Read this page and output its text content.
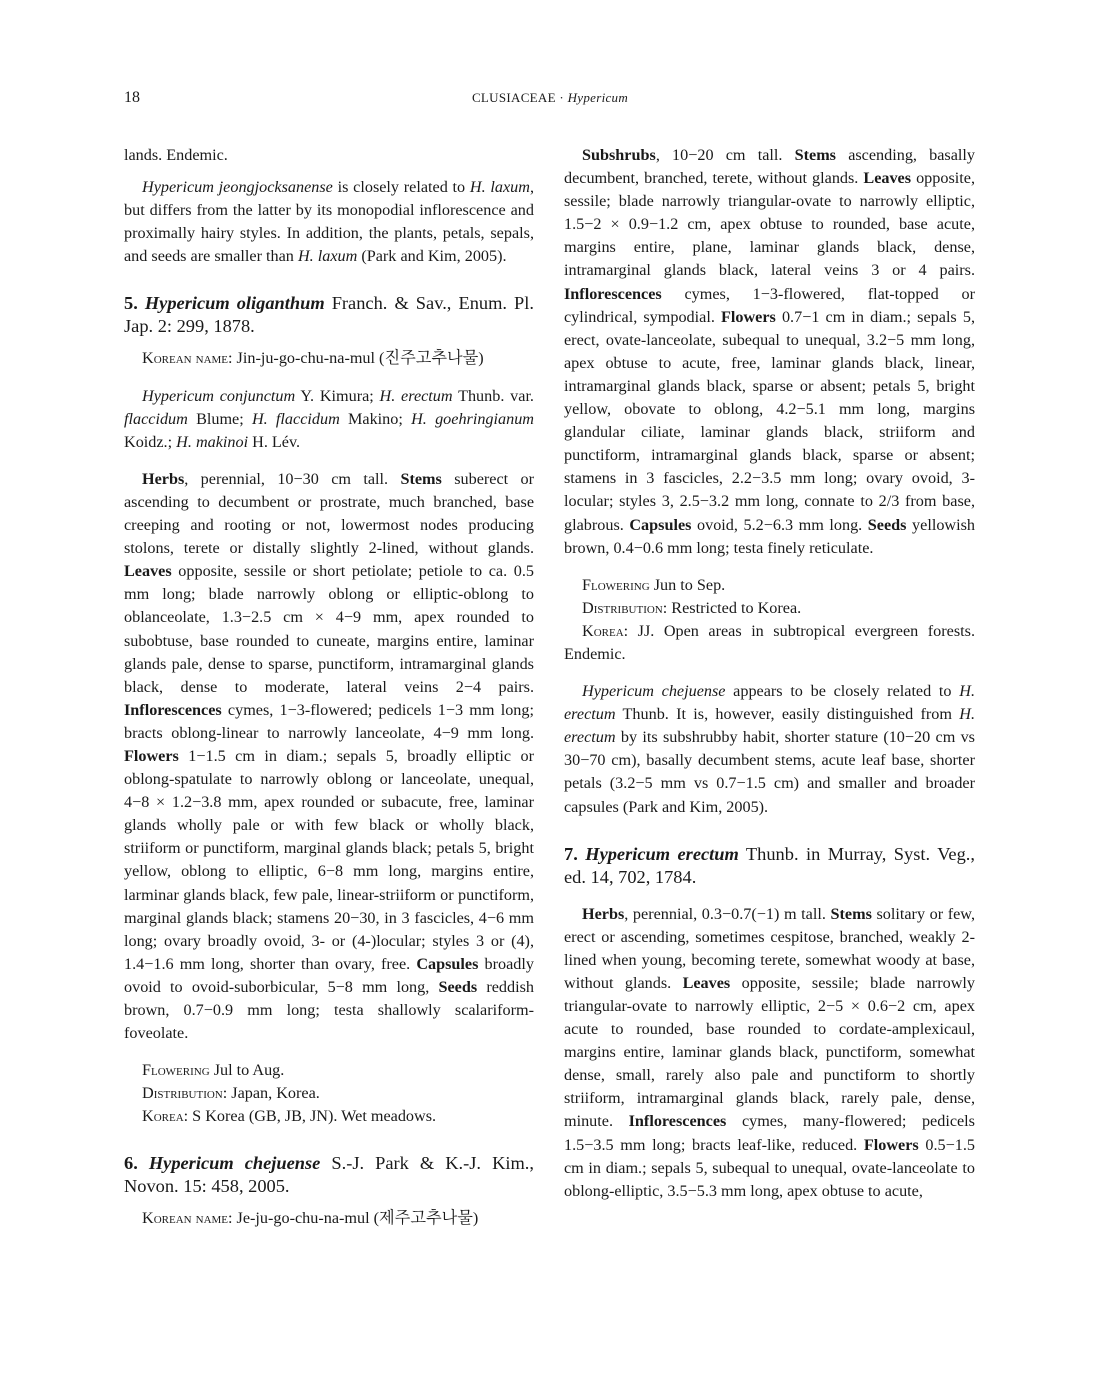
18	CLUSIACEAE · Hypericum

lands. Endemic.

Hypericum jeongjocksanense is closely related to H. laxum, but differs from the latter by its monopodial inflorescence and proximally hairy styles. In addition, the plants, petals, sepals, and seeds are smaller than H. laxum (Park and Kim, 2005).

5. Hypericum oliganthum Franch. & Sav., Enum. Pl. Jap. 2: 299, 1878.

Korean name: Jin-ju-go-chu-na-mul (진주고추나물)

Hypericum conjunctum Y. Kimura; H. erectum Thunb. var. flaccidum Blume; H. flaccidum Makino; H. goehringianum Koidz.; H. makinoi H. Lév.

Herbs, perennial, 10−30 cm tall. Stems suberect or ascending to decumbent or prostrate, much branched, base creeping and rooting or not, lowermost nodes producing stolons, terete or distally slightly 2-lined, without glands. Leaves opposite, sessile or short petiolate; petiole to ca. 0.5 mm long; blade narrowly oblong or elliptic-oblong to oblanceolate, 1.3−2.5 cm × 4−9 mm, apex rounded to subobtuse, base rounded to cuneate, margins entire, laminar glands pale, dense to sparse, punctiform, intramarginal glands black, dense to moderate, lateral veins 2−4 pairs. Inflorescences cymes, 1−3-flowered; pedicels 1−3 mm long; bracts oblong-linear to narrowly lanceolate, 4−9 mm long. Flowers 1−1.5 cm in diam.; sepals 5, broadly elliptic or oblong-spatulate to narrowly oblong or lanceolate, unequal, 4−8 × 1.2−3.8 mm, apex rounded or subacute, free, laminar glands wholly pale or with few black or wholly black, striiform or punctiform, marginal glands black; petals 5, bright yellow, oblong to elliptic, 6−8 mm long, margins entire, larminar glands black, few pale, linear-striiform or punctiform, marginal glands black; stamens 20−30, in 3 fascicles, 4−6 mm long; ovary broadly ovoid, 3- or (4-)locular; styles 3 or (4), 1.4−1.6 mm long, shorter than ovary, free. Capsules broadly ovoid to ovoid-suborbicular, 5−8 mm long, Seeds reddish brown, 0.7−0.9 mm long; testa shallowly scalariform-foveolate.

Flowering Jul to Aug.

Distribution: Japan, Korea.

Korea: S Korea (GB, JB, JN). Wet meadows.

6. Hypericum chejuense S.-J. Park & K.-J. Kim., Novon. 15: 458, 2005.

Korean name: Je-ju-go-chu-na-mul (제주고추나물)

Subshrubs, 10−20 cm tall. Stems ascending, basally decumbent, branched, terete, without glands. Leaves opposite, sessile; blade narrowly triangular-ovate to narrowly elliptic, 1.5−2 × 0.9−1.2 cm, apex obtuse to rounded, base acute, margins entire, plane, laminar glands black, dense, intramarginal glands black, lateral veins 3 or 4 pairs. Inflorescences cymes, 1−3-flowered, flat-topped or cylindrical, sympodial. Flowers 0.7−1 cm in diam.; sepals 5, erect, ovate-lanceolate, subequal to unequal, 3.2−5 mm long, apex obtuse to acute, free, laminar glands black, linear, intramarginal glands black, sparse or absent; petals 5, bright yellow, obovate to oblong, 4.2−5.1 mm long, margins glandular ciliate, laminar glands black, striiform and punctiform, intramarginal glands black, sparse or absent; stamens in 3 fascicles, 2.2−3.5 mm long; ovary ovoid, 3-locular; styles 3, 2.5−3.2 mm long, connate to 2/3 from base, glabrous. Capsules ovoid, 5.2−6.3 mm long. Seeds yellowish brown, 0.4−0.6 mm long; testa finely reticulate.

Flowering Jun to Sep.

Distribution: Restricted to Korea.

Korea: JJ. Open areas in subtropical evergreen forests. Endemic.

Hypericum chejuense appears to be closely related to H. erectum Thunb. It is, however, easily distinguished from H. erectum by its subshrubby habit, shorter stature (10−20 cm vs 30−70 cm), basally decumbent stems, acute leaf base, shorter petals (3.2−5 mm vs 0.7−1.5 cm) and smaller and broader capsules (Park and Kim, 2005).

7. Hypericum erectum Thunb. in Murray, Syst. Veg., ed. 14, 702, 1784.

Herbs, perennial, 0.3−0.7(−1) m tall. Stems solitary or few, erect or ascending, sometimes cespitose, branched, weakly 2-lined when young, becoming terete, somewhat woody at base, without glands. Leaves opposite, sessile; blade narrowly triangular-ovate to narrowly elliptic, 2−5 × 0.6−2 cm, apex acute to rounded, base rounded to cordate-amplexicaul, margins entire, laminar glands black, punctiform, somewhat dense, small, rarely also pale and punctiform to shortly striiform, intramarginal glands black, rarely pale, dense, minute. Inflorescences cymes, many-flowered; pedicels 1.5−3.5 mm long; bracts leaf-like, reduced. Flowers 0.5−1.5 cm in diam.; sepals 5, subequal to unequal, ovate-lanceolate to oblong-elliptic, 3.5−5.3 mm long, apex obtuse to acute,
